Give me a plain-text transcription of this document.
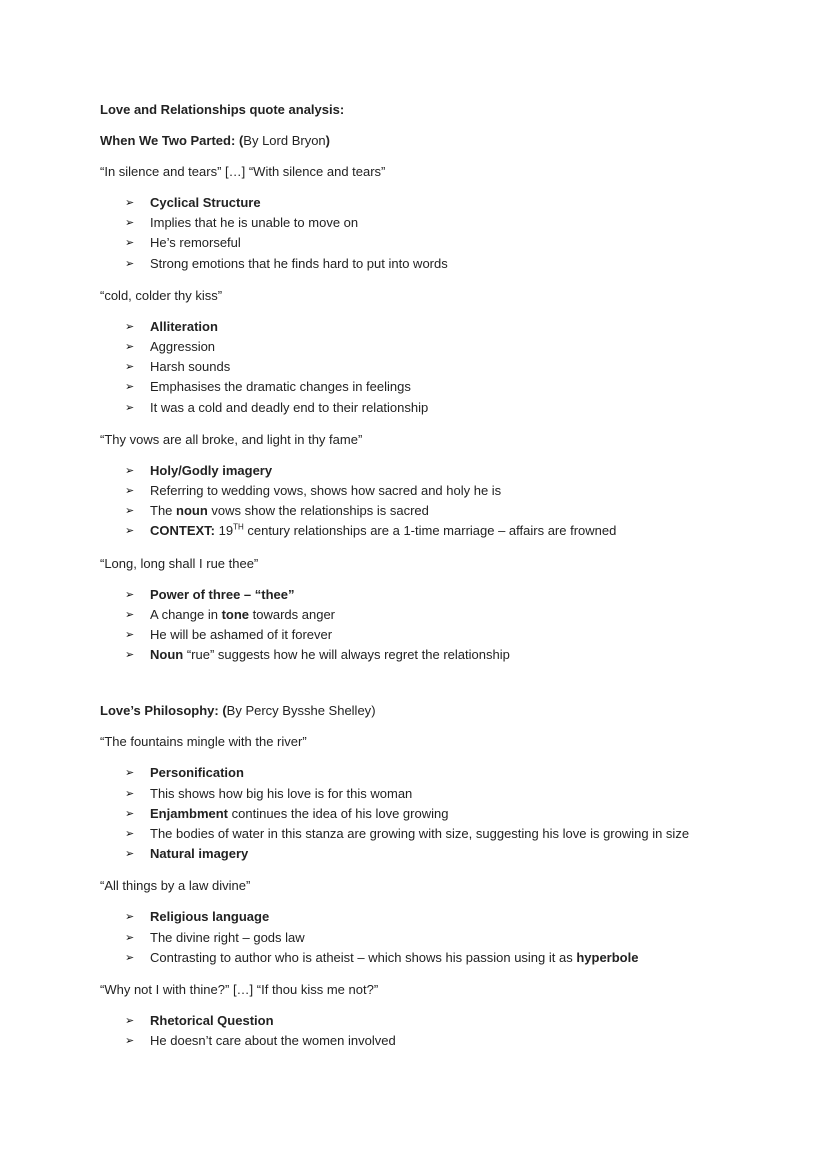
Love and Relationships quote analysis:
When We Two Parted: (By Lord Bryon)
“In silence and tears” […] “With silence and tears”
➢ Cyclical Structure
➢ Implies that he is unable to move on
➢ He’s remorseful
➢ Strong emotions that he finds hard to put into words
“cold, colder thy kiss”
➢ Alliteration
➢ Aggression
➢ Harsh sounds
➢ Emphasises the dramatic changes in feelings
➢ It was a cold and deadly end to their relationship
“Thy vows are all broke, and light in thy fame”
➢ Holy/Godly imagery
➢ Referring to wedding vows, shows how sacred and holy he is
➢ The noun vows show the relationships is sacred
➢ CONTEXT: 19TH century relationships are a 1-time marriage – affairs are frowned
“Long, long shall I rue thee”
➢ Power of three – “thee”
➢ A change in tone towards anger
➢ He will be ashamed of it forever
➢ Noun “rue” suggests how he will always regret the relationship
Love’s Philosophy: (By Percy Bysshe Shelley)
“The fountains mingle with the river”
➢ Personification
➢ This shows how big his love is for this woman
➢ Enjambment continues the idea of his love growing
➢ The bodies of water in this stanza are growing with size, suggesting his love is growing in size
➢ Natural imagery
“All things by a law divine”
➢ Religious language
➢ The divine right – gods law
➢ Contrasting to author who is atheist – which shows his passion using it as hyperbole
“Why not I with thine?” […] “If thou kiss me not?”
➢ Rhetorical Question
➢ He doesn’t care about the women involved
